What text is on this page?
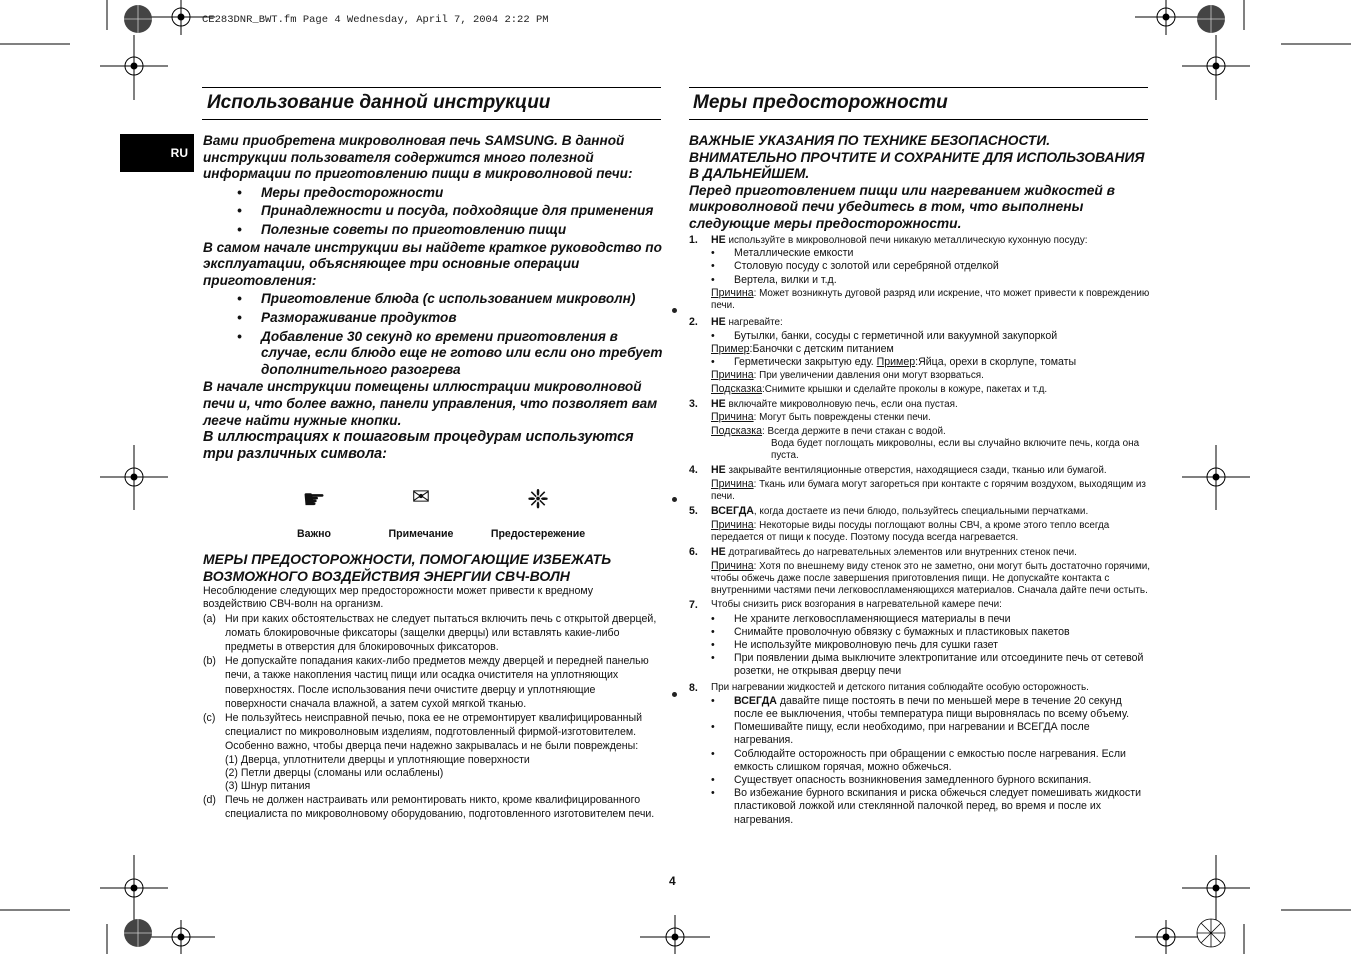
CE283DNR_BWT.fm Page 4 Wednesday, April 7, 2004 2:22 PM
RU
Использование данной инструкции
Вами приобретена микроволновая печь SAMSUNG. В данной инструкции пользователя содержится много полезной информации по приготовлению пищи в микроволновой печи:
• Меры предосторожности
• Принадлежности и посуда, подходящие для применения
• Полезные советы по приготовлению пищи
В самом начале инструкции вы найдете краткое руководство по эксплуатации, объясняющее три основные операции приготовления:
• Приготовление блюда (с использованием микроволн)
• Размораживание продуктов
• Добавление 30 секунд ко времени приготовления в случае, если блюдо еще не готово или если оно требует дополнительного разогрева
В начале инструкции помещены иллюстрации микроволновой печи и, что более важно, панели управления, что позволяет вам легче найти нужные кнопки.
В иллюстрациях к пошаговым процедурам используются три различных символа:
☛	✉	❈
Важно	Примечание	Предостережение
МЕРЫ ПРЕДОСТОРОЖНОСТИ, ПОМОГАЮЩИЕ ИЗБЕЖАТЬ ВОЗМОЖНОГО ВОЗДЕЙСТВИЯ ЭНЕРГИИ СВЧ-ВОЛН
Несоблюдение следующих мер предосторожности может привести к вредному воздействию СВЧ-волн на организм.
(a) Ни при каких обстоятельствах не следует пытаться включить печь с открытой дверцей, ломать блокировочные фиксаторы (защелки дверцы) или вставлять какие-либо предметы в отверстия для блокировочных фиксаторов.
(b) Не допускайте попадания каких-либо предметов между дверцей и передней панелью печи, а также накопления частиц пищи или осадка очистителя на уплотняющих поверхностях. После использования печи очистите дверцу и уплотняющие поверхности сначала влажной, а затем сухой мягкой тканью.
(c) Не пользуйтесь неисправной печью, пока ее не отремонтирует квалифицированный специалист по микроволновым изделиям, подготовленный фирмой-изготовителем. Особенно важно, чтобы дверца печи надежно закрывалась и не были повреждены:
(1) Дверца, уплотнители дверцы и уплотняющие поверхности
(2) Петли дверцы (сломаны или ослаблены)
(3) Шнур питания
(d) Печь не должен настраивать или ремонтировать никто, кроме квалифицированного специалиста по микроволновому оборудованию, подготовленного изготовителем печи.
Меры предосторожности
ВАЖНЫЕ УКАЗАНИЯ ПО ТЕХНИКЕ БЕЗОПАСНОСТИ. ВНИМАТЕЛЬНО ПРОЧТИТЕ И СОХРАНИТЕ ДЛЯ ИСПОЛЬЗОВАНИЯ В ДАЛЬНЕЙШЕМ.
Перед приготовлением пищи или нагреванием жидкостей в микроволновой печи убедитесь в том, что выполнены следующие меры предосторожности.
1.	НЕ используйте в микроволновой печи никакую металлическую кухонную посуду:
• Металлические емкости
• Столовую посуду с золотой или серебряной отделкой
• Вертела, вилки и т.д.
Причина: Может возникнуть дуговой разряд или искрение, что может привести к повреждению печи.
2.	НЕ нагревайте:
• Бутылки, банки, сосуды с герметичной или вакуумной закупоркой
Пример:Баночки с детским питанием
• Герметически закрытую еду. Пример:Яйца, орехи в скорлупе, томаты
Причина: При увеличении давления они могут взорваться.
Подсказка:Снимите крышки и сделайте проколы в кожуре, пакетах и т.д.
3.	НЕ включайте микроволновую печь, если она пустая.
Причина: Могут быть повреждены стенки печи.
Подсказка: Всегда держите в печи стакан с водой.
Вода будет поглощать микроволны, если вы случайно включите печь, когда она пуста.
4.	НЕ закрывайте вентиляционные отверстия, находящиеся сзади, тканью или бумагой.
Причина: Ткань или бумага могут загореться при контакте с горячим воздухом, выходящим из печи.
5.	ВСЕГДА, когда достаете из печи блюдо, пользуйтесь специальными перчатками.
Причина: Некоторые виды посуды поглощают волны СВЧ, а кроме этого тепло всегда передается от пищи к посуде. Поэтому посуда всегда нагревается.
6.	НЕ дотрагивайтесь до нагревательных элементов или внутренних стенок печи.
Причина: Хотя по внешнему виду стенок это не заметно, они могут быть достаточно горячими, чтобы обжечь даже после завершения приготовления пищи. Не допускайте контакта с внутренними частями печи легковоспламеняющихся материалов. Сначала дайте печи остыть.
7.	Чтобы снизить риск возгорания в нагревательной камере печи:
• Не храните легковоспламеняющиеся материалы в печи
• Снимайте проволочную обвязку с бумажных и пластиковых пакетов
• Не используйте микроволновую печь для сушки газет
• При появлении дыма выключите электропитание или отсоедините печь от сетевой розетки, не открывая дверцу печи
8.	При нагревании жидкостей и детского питания соблюдайте особую осторожность.
• ВСЕГДА давайте пище постоять в печи по меньшей мере в течение 20 секунд после ее выключения, чтобы температура пищи выровнялась по всему объему.
• Помешивайте пищу, если необходимо, при нагревании и ВСЕГДА после нагревания.
• Соблюдайте осторожность при обращении с емкостью после нагревания. Если емкость слишком горячая, можно обжечься.
• Существует опасность возникновения замедленного бурного вскипания.
• Во избежание бурного вскипания и риска обжечься следует помешивать жидкости пластиковой ложкой или стеклянной палочкой перед, во время и после их нагревания.
4
